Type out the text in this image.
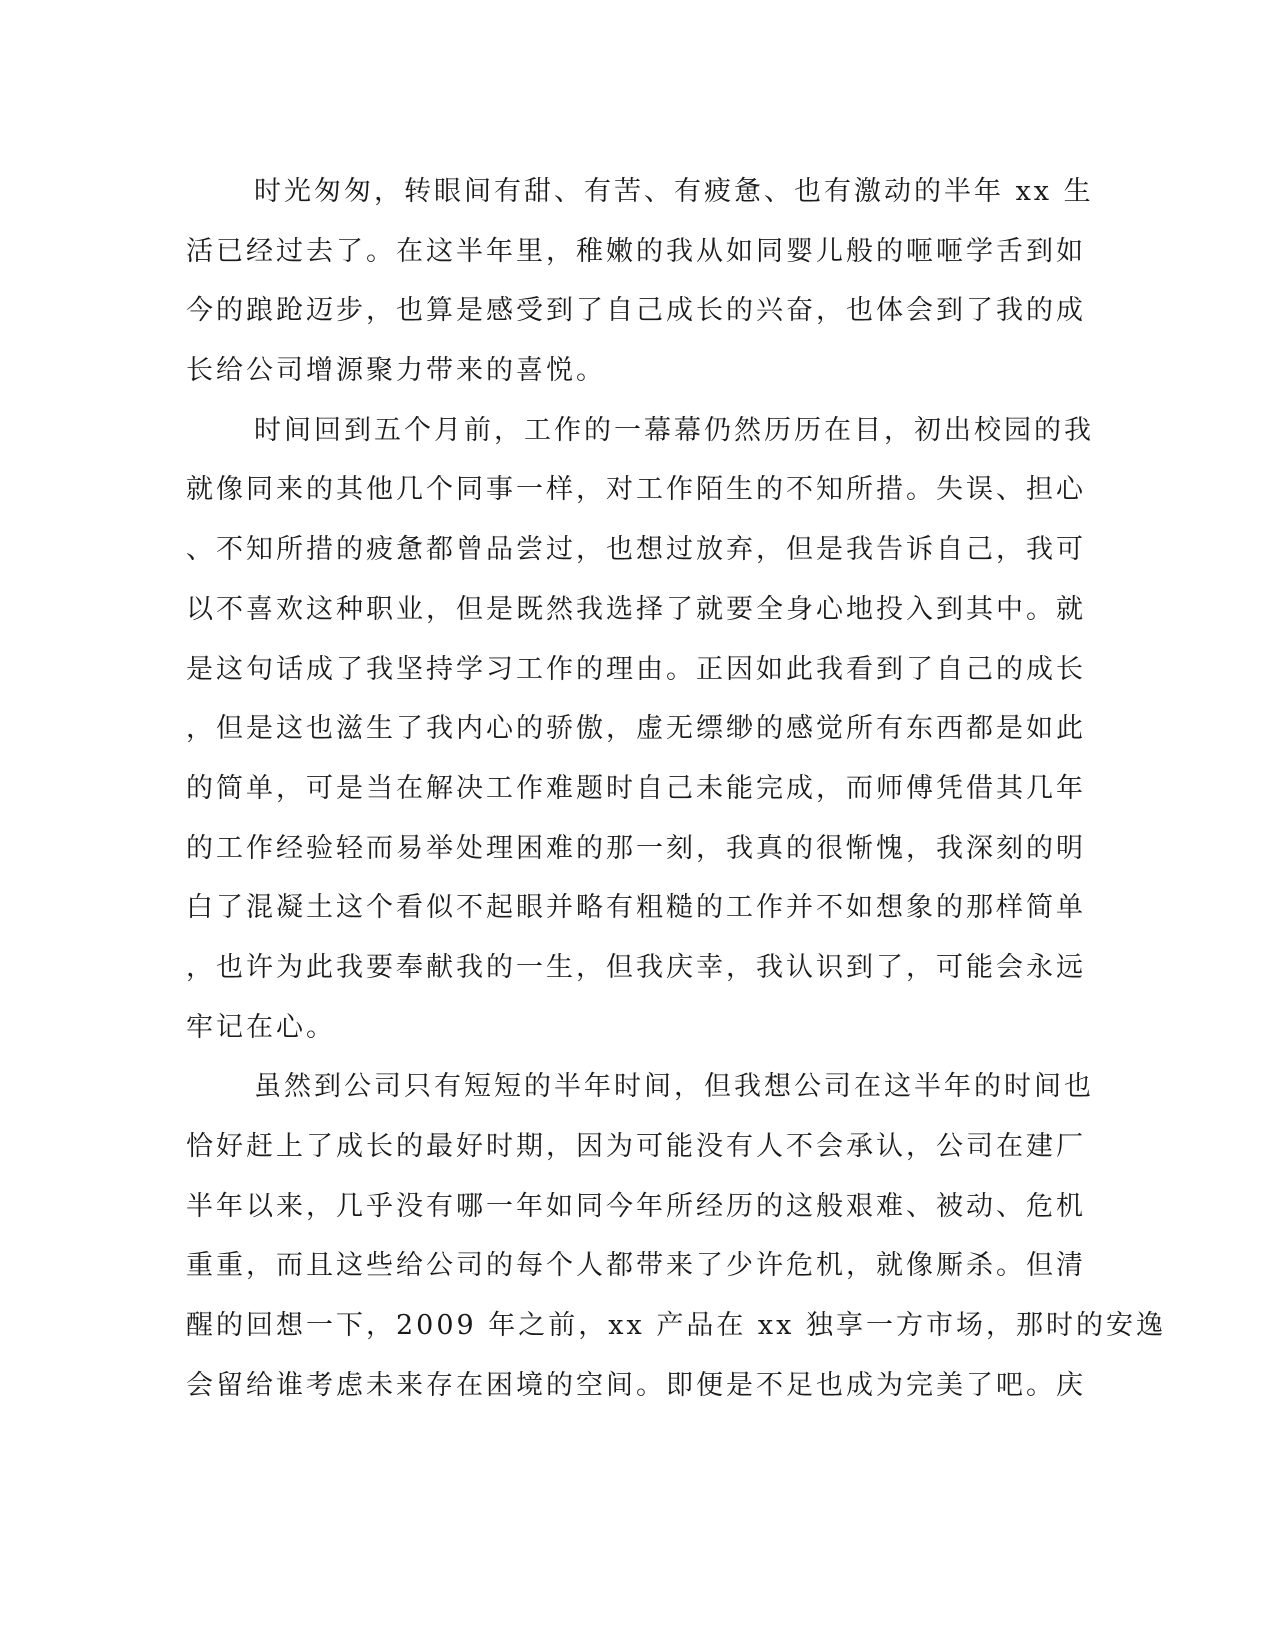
时光匆匆，转眼间有甜、有苦、有疲惫、也有激动的半年 xx 生
活已经过去了。在这半年里，稚嫩的我从如同婴儿般的咂咂学舌到如
今的踉跄迈步，也算是感受到了自己成长的兴奋，也体会到了我的成
长给公司增源聚力带来的喜悦。
时间回到五个月前，工作的一幕幕仍然历历在目，初出校园的我
就像同来的其他几个同事一样，对工作陌生的不知所措。失误、担心
、不知所措的疲惫都曾品尝过，也想过放弃，但是我告诉自己，我可
以不喜欢这种职业，但是既然我选择了就要全身心地投入到其中。就
是这句话成了我坚持学习工作的理由。正因如此我看到了自己的成长
，但是这也滋生了我内心的骄傲，虚无缥缈的感觉所有东西都是如此
的简单，可是当在解决工作难题时自己未能完成，而师傅凭借其几年
的工作经验轻而易举处理困难的那一刻，我真的很惭愧，我深刻的明
白了混凝土这个看似不起眼并略有粗糙的工作并不如想象的那样简单
，也许为此我要奉献我的一生，但我庆幸，我认识到了，可能会永远
牢记在心。
虽然到公司只有短短的半年时间，但我想公司在这半年的时间也
恰好赶上了成长的最好时期，因为可能没有人不会承认，公司在建厂
半年以来，几乎没有哪一年如同今年所经历的这般艰难、被动、危机
重重，而且这些给公司的每个人都带来了少许危机，就像厮杀。但清
醒的回想一下，2009 年之前，xx 产品在 xx 独享一方市场，那时的安逸
会留给谁考虑未来存在困境的空间。即便是不足也成为完美了吧。庆
